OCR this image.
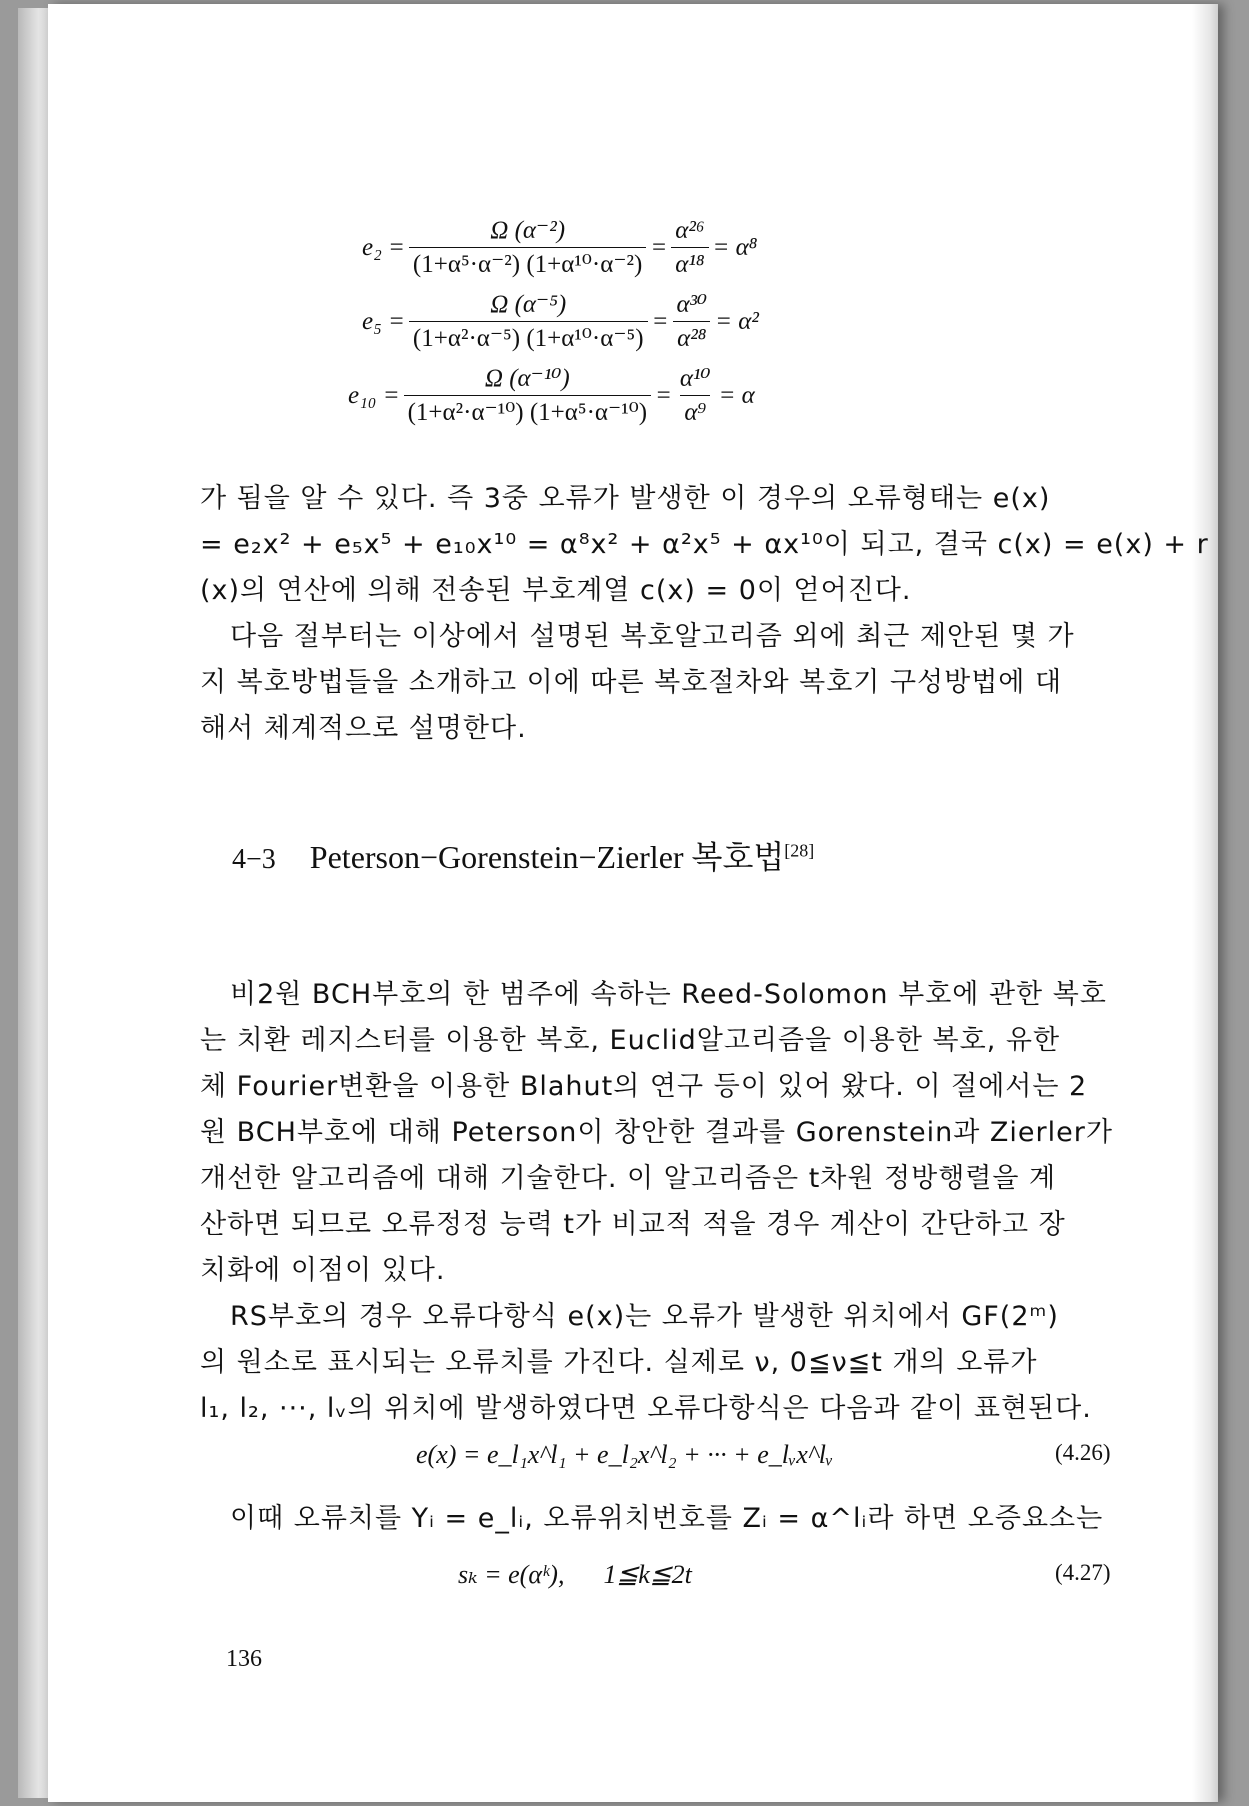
$e_2 = \frac{\text{Ω (α⁻²)}}{\text{(1+α⁵·α⁻²) (1+α¹⁰·α⁻²)}} = \frac{\text{α²⁶}}{\text{α¹⁸}} = \alpha^8$
$e_5 = \frac{\text{Ω (α⁻⁵)}}{\text{(1+α²·α⁻⁵) (1+α¹⁰·α⁻⁵)}} = \frac{\text{α³⁰}}{\text{α²⁸}} = \alpha^2$
$e_{10} = \frac{\text{Ω (α⁻¹⁰)}}{\text{(1+α²·α⁻¹⁰) (1+α⁵·α⁻¹⁰)}} = \frac{\text{α¹⁰}}{\text{α⁹}} = \alpha$
가 됨을 알 수 있다. 즉 3중 오류가 발생한 이 경우의 오류형태는 e(x)
= e₂x² + e₅x⁵ + e₁₀x¹⁰ = α⁸x² + α²x⁵ + αx¹⁰이 되고, 결국 c(x) = e(x) + r
(x)의 연산에 의해 전송된 부호계열 c(x) = 0이 얻어진다.
다음 절부터는 이상에서 설명된 복호알고리즘 외에 최근 제안된 몇 가
지 복호방법들을 소개하고 이에 따른 복호절차와 복호기 구성방법에 대
해서 체계적으로 설명한다.
4−3 Peterson−Gorenstein−Zierler 복호법[28]
비2원 BCH부호의 한 범주에 속하는 Reed-Solomon 부호에 관한 복호
는 치환 레지스터를 이용한 복호, Euclid알고리즘을 이용한 복호, 유한
체 Fourier변환을 이용한 Blahut의 연구 등이 있어 왔다. 이 절에서는 2
원 BCH부호에 대해 Peterson이 창안한 결과를 Gorenstein과 Zierler가
개선한 알고리즘에 대해 기술한다. 이 알고리즘은 t차원 정방행렬을 계
산하면 되므로 오류정정 능력 t가 비교적 적을 경우 계산이 간단하고 장
치화에 이점이 있다.
RS부호의 경우 오류다항식 e(x)는 오류가 발생한 위치에서 GF(2ᵐ)
의 원소로 표시되는 오류치를 가진다. 실제로 ν, 0≦ν≦t 개의 오류가
l₁, l₂, ···, lᵥ의 위치에 발생하였다면 오류다항식은 다음과 같이 표현된다.
e(x) = e_l₁x^l₁ + e_l₂x^l₂ + ··· + e_lᵥx^lᵥ	(4.26)
이때 오류치를 Yᵢ = e_lᵢ, 오류위치번호를 Zᵢ = α^lᵢ라 하면 오증요소는
sₖ = e(αᵏ),      1≦k≦2t	(4.27)
136
